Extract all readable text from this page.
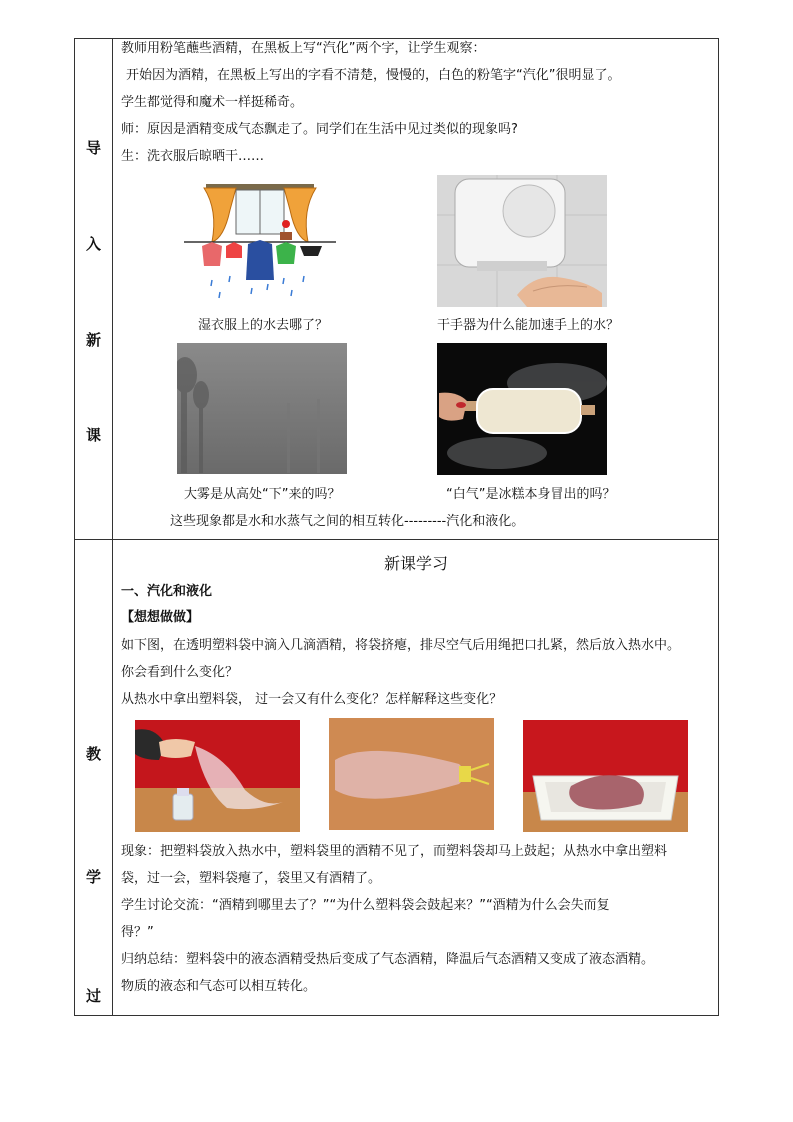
导
入
新
课
教师用粉笔蘸些酒精，在黑板上写“汽化”两个字，让学生观察：
开始因为酒精，在黑板上写出的字看不清楚，慢慢的，白色的粉笔字“汽化”很明显了。
学生都觉得和魔术一样挺稀奇。
师：原因是酒精变成气态飘走了。同学们在生活中见过类似的现象吗?
生：洗衣服后晾晒干……
湿衣服上的水去哪了？	干手器为什么能加速手上的水？
大雾是从高处“下”来的吗？	“白气”是冰糕本身冒出的吗？
这些现象都是水和水蒸气之间的相互转化---------汽化和液化。
教
学
过
新课学习
一、汽化和液化
【想想做做】
如下图，在透明塑料袋中滴入几滴酒精，将袋挤瘪，排尽空气后用绳把口扎紧，然后放入热水中。
你会看到什么变化？
从热水中拿出塑料袋， 过一会又有什么变化？怎样解释这些变化？
现象：把塑料袋放入热水中，塑料袋里的酒精不见了，而塑料袋却马上鼓起；从热水中拿出塑料
袋，过一会，塑料袋瘪了，袋里又有酒精了。
学生讨论交流：“酒精到哪里去了？”“为什么塑料袋会鼓起来？”“酒精为什么会失而复
得？”
归纳总结：塑料袋中的液态酒精受热后变成了气态酒精，降温后气态酒精又变成了液态酒精。
物质的液态和气态可以相互转化。
